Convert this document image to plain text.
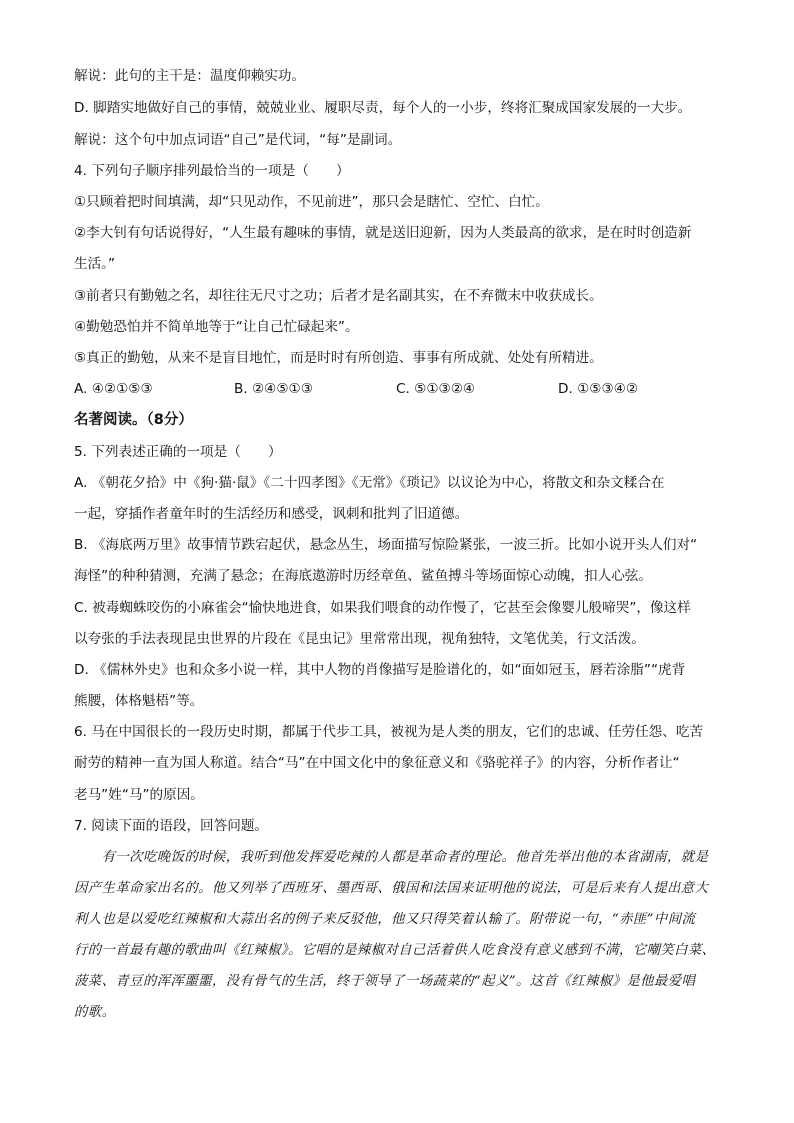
解说：此句的主干是：温度仰赖实功。
D. 脚踏实地做好自己的事情，兢兢业业、履职尽责，每个人的一小步，终将汇聚成国家发展的一大步。
解说：这个句中加点词语“自己”是代词，“每”是副词。
4. 下列句子顺序排列最恰当的一项是（　　）
①只顾着把时间填满，却“只见动作，不见前进”，那只会是瞎忙、空忙、白忙。
②李大钊有句话说得好，“人生最有趣味的事情，就是送旧迎新，因为人类最高的欲求，是在时时创造新
生活。”
③前者只有勤勉之名，却往往无尺寸之功；后者才是名副其实，在不弃微末中收获成长。
④勤勉恐怕并不简单地等于“让自己忙碌起来”。
⑤真正的勤勉，从来不是盲目地忙，而是时时有所创造、事事有所成就、处处有所精进。
A. ④②①⑤③	B. ②④⑤①③	C. ⑤①③②④	D. ①⑤③④②
名著阅读。（8分）
5. 下列表述正确的一项是（　　）
A. 《朝花夕拾》中《狗·猫·鼠》《二十四孝图》《无常》《琐记》以议论为中心，将散文和杂文糅合在
一起，穿插作者童年时的生活经历和感受，讽刺和批判了旧道德。
B. 《海底两万里》故事情节跌宕起伏，悬念丛生，场面描写惊险紧张，一波三折。比如小说开头人们对“
海怪”的种种猜测，充满了悬念；在海底遨游时历经章鱼、鲨鱼搏斗等场面惊心动魄，扣人心弦。
C. 被毒蜘蛛咬伤的小麻雀会“愉快地进食，如果我们喂食的动作慢了，它甚至会像婴儿般啼哭”，像这样
以夸张的手法表现昆虫世界的片段在《昆虫记》里常常出现，视角独特，文笔优美，行文活泼。
D. 《儒林外史》也和众多小说一样，其中人物的肖像描写是脸谱化的，如“面如冠玉，唇若涂脂”“虎背
熊腰，体格魁梧”等。
6. 马在中国很长的一段历史时期，都属于代步工具，被视为是人类的朋友，它们的忠诚、任劳任怨、吃苦
耐劳的精神一直为国人称道。结合“马”在中国文化中的象征意义和《骆驼祥子》的内容，分析作者让“
老马”姓“马”的原因。
7. 阅读下面的语段，回答问题。
　　有一次吃晚饭的时候，我听到他发挥爱吃辣的人都是革命者的理论。他首先举出他的本省湖南，就是
因产生革命家出名的。他又列举了西班牙、墨西哥、俄国和法国来证明他的说法，可是后来有人提出意大
利人也是以爱吃红辣椒和大蒜出名的例子来反驳他，他又只得笑着认输了。附带说一句，“赤匪”中间流
行的一首最有趣的歌曲叫《红辣椒》。它唱的是辣椒对自己活着供人吃食没有意义感到不满，它嘲笑白菜、
菠菜、青豆的浑浑噩噩，没有骨气的生活，终于领导了一场蔬菜的“起义”。这首《红辣椒》是他最爱唱
的歌。
